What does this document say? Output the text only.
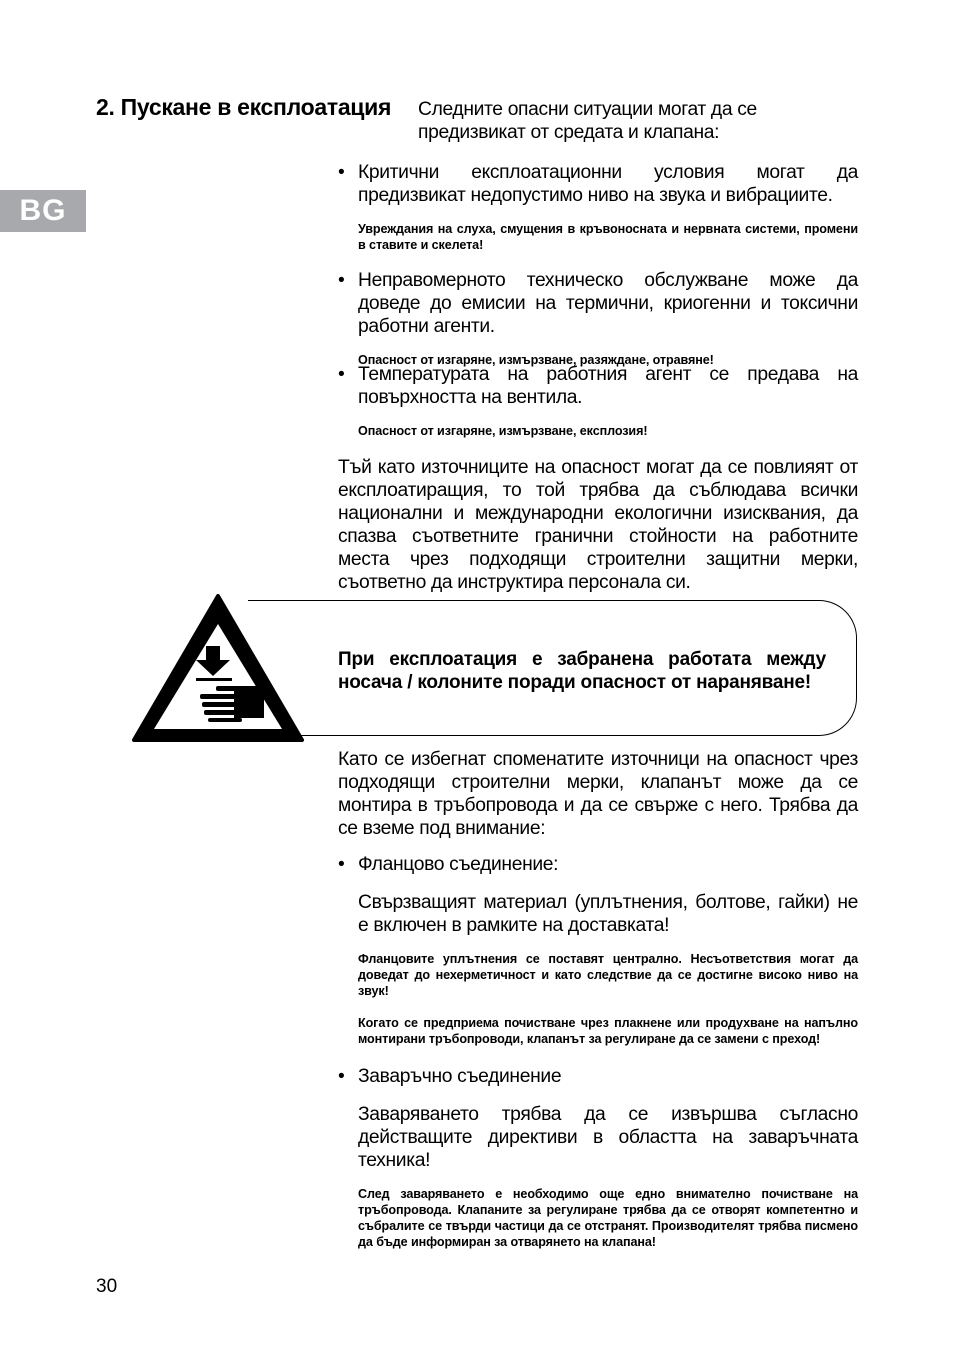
BG
2. Пускане в експлоатация Следните опасни ситуации могат да се предизвикат от средата и клапана:

• Критични експлоатационни условия могат да предизвикат недопустимо ниво на звука и вибрациите.

Увреждания на слуха, смущения в кръвоносната и нервната системи, промени в ставите и скелета!

• Неправомерното техническо обслужване може да доведе до емисии на термични, криогенни и токсични работни агенти.

Опасност от изгаряне, измързване, разяждане, отравяне!

• Температурата на работния агент се предава на повърхността на вентила.

Опасност от изгаряне, измързване, експлозия!

Тъй като източниците на опасност могат да се повлияят от експлоатиращия, то той трябва да съблюдава всички национални и международни екологични изисквания, да спазва съответните гранични стойности на работните места чрез подходящи строителни защитни мерки, съответно да инструктира персонала си.

При експлоатация е забранена работата между носача / колоните поради опасност от нараняване!

Като се избегнат споменатите източници на опасност чрез подходящи строителни мерки, клапанът може да се монтира в тръбопровода и да се свърже с него. Трябва да се вземе под внимание:

• Фланцово съединение:

Свързващият материал (уплътнения, болтове, гайки) не е включен в рамките на доставката!

Фланцовите уплътнения се поставят централно. Несъответствия могат да доведат до нехерметичност и като следствие да се достигне високо ниво на звук!

Когато се предприема почистване чрез плакнене или продухване на напълно монтирани тръбопроводи, клапанът за регулиране да се замени с преход!

• Заваръчно съединение

Заваряването трябва да се извършва съгласно действащите директиви в областта на заваръчната техника!

След заваряването е необходимо още едно внимателно почистване на тръбопровода. Клапаните за регулиране трябва да се отворят компетентно и събралите се твърди частици да се отстранят. Производителят трябва писмено да бъде информиран за отварянето на клапана!

30
